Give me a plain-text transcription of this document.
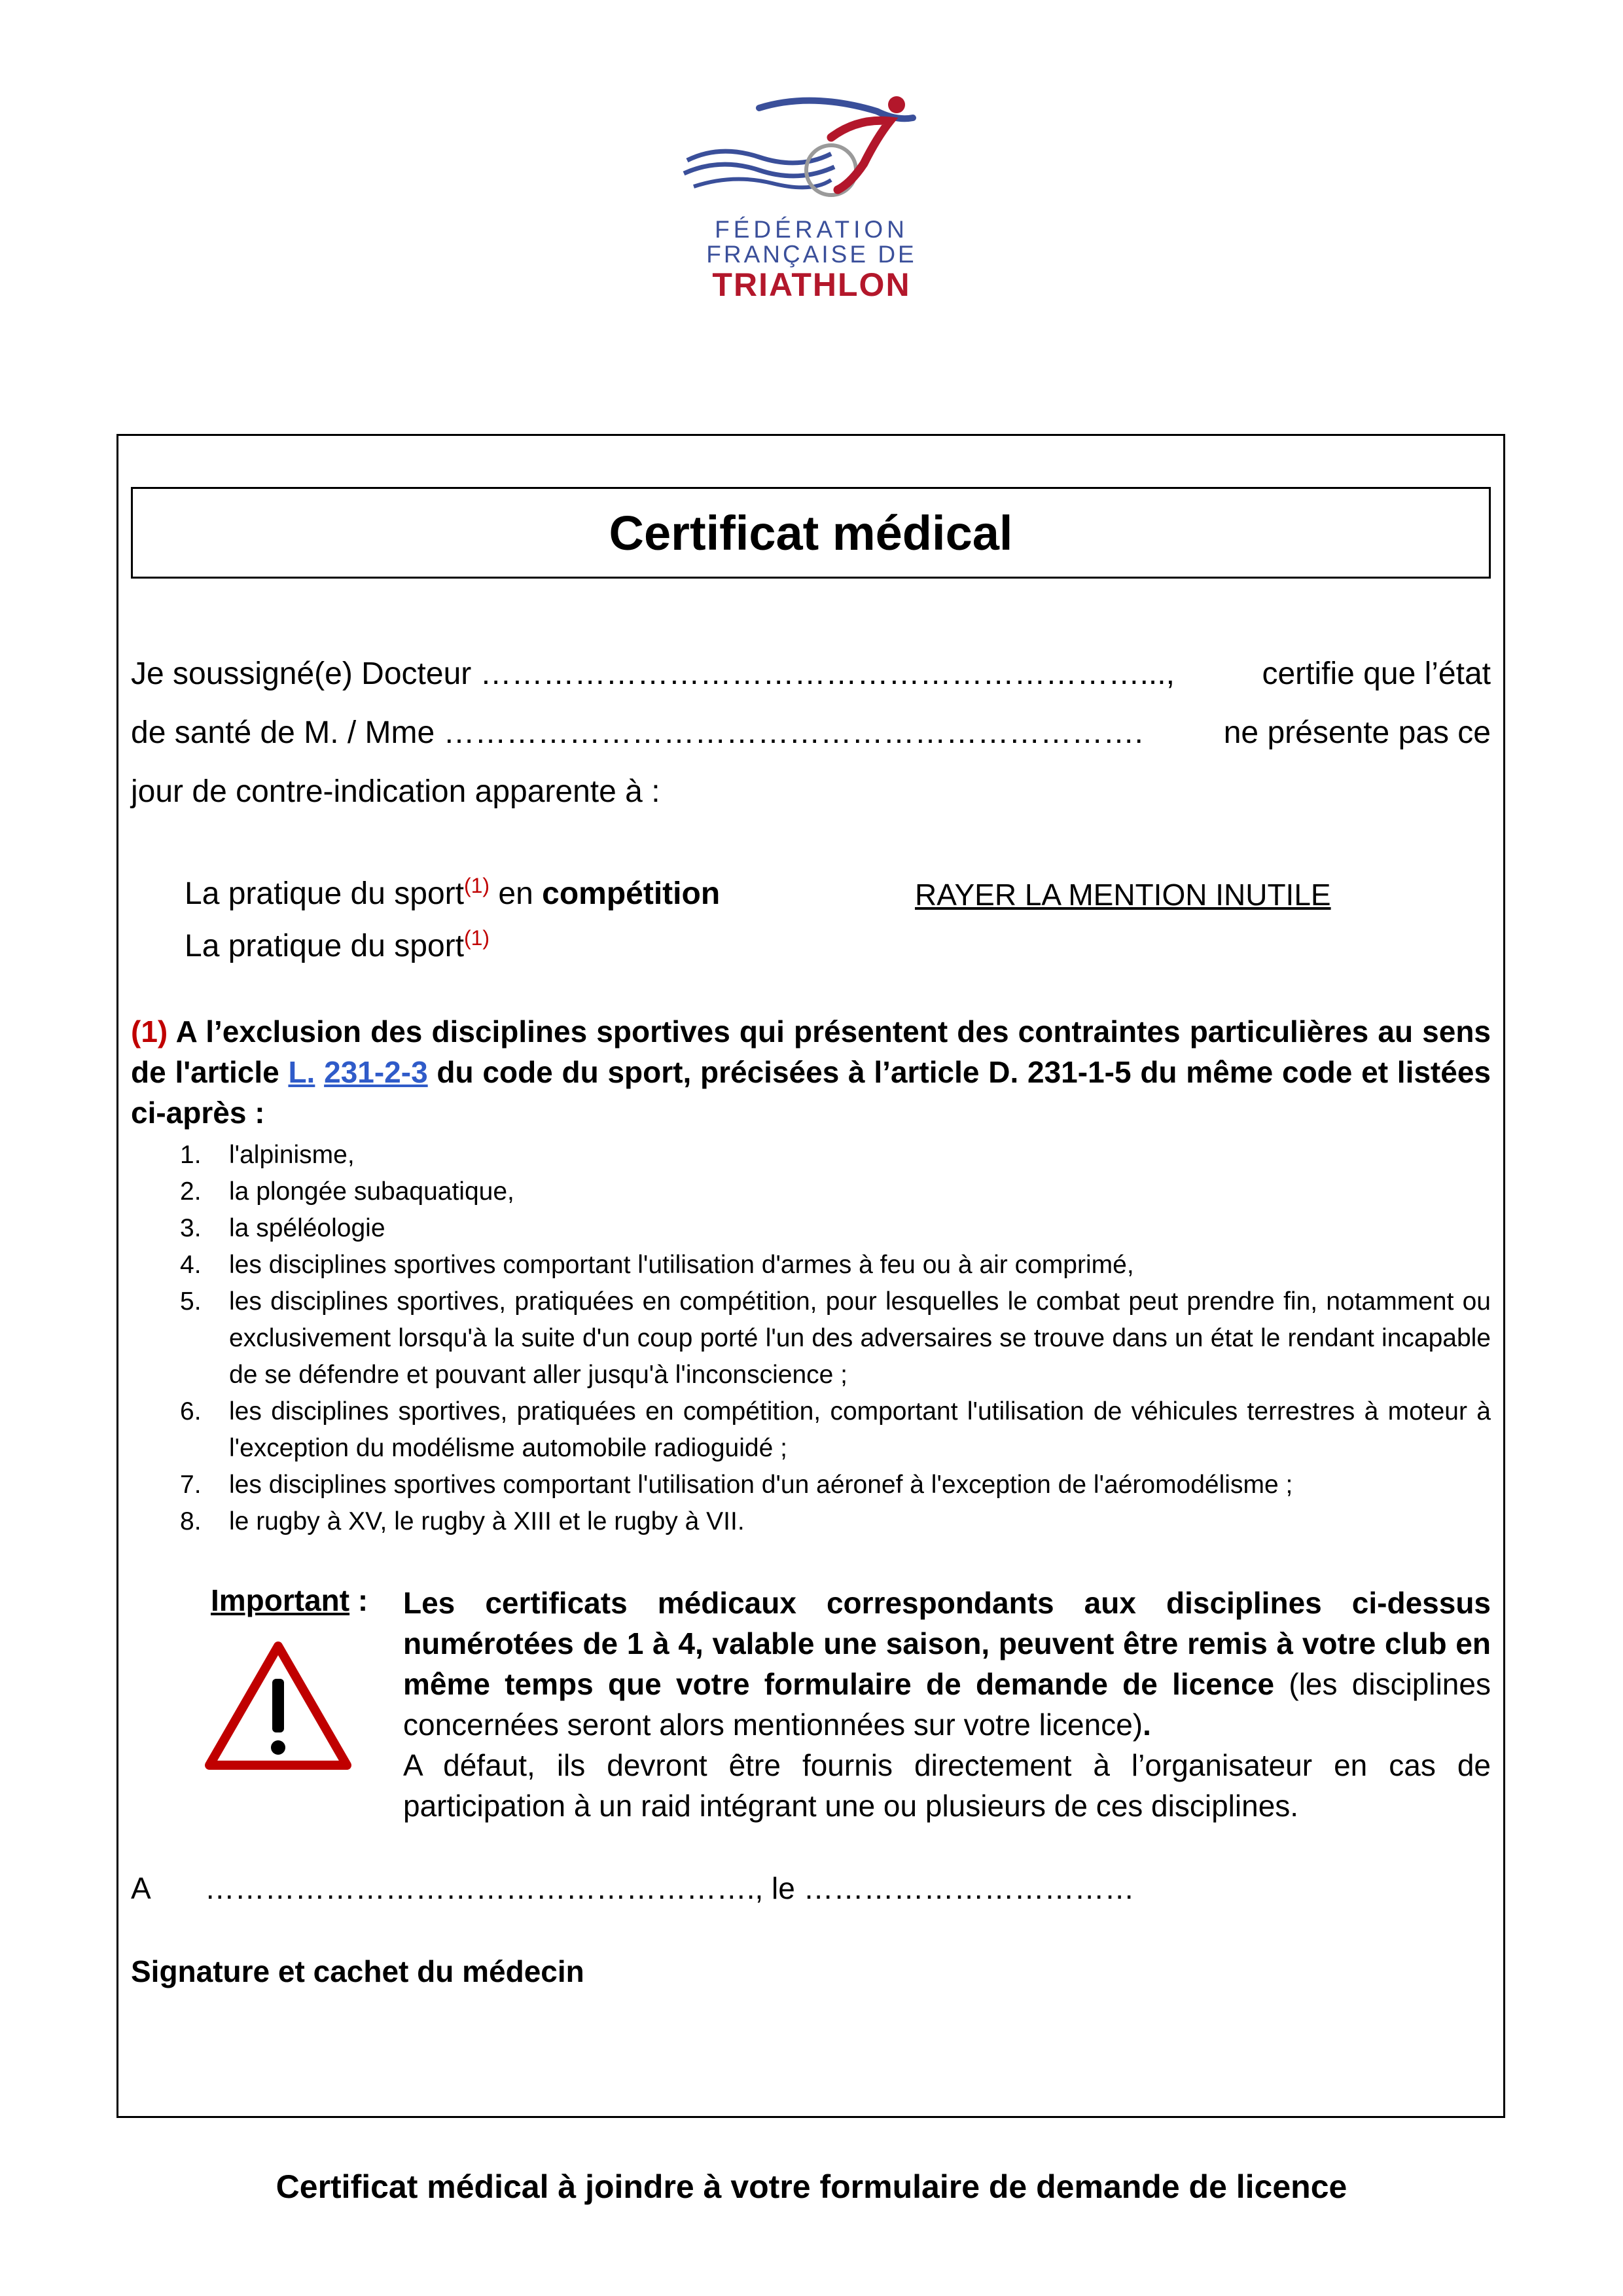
FÉDÉRATION
FRANÇAISE DE
TRIATHLON
Certificat médical
Je soussigné(e) Docteur ………………………………………………………...,	certifie que l’état
de santé de M. / Mme ………………………………………………………….	ne présente pas ce
jour de contre-indication apparente à :
La pratique du sport$^{(1)}$ en compétition
La pratique du sport$^{(1)}$
RAYER LA MENTION INUTILE
(1) A l’exclusion des disciplines sportives qui présentent des contraintes particulières au sens de l'article L. 231-2-3 du code du sport, précisées à l’article D. 231-1-5 du même code et listées ci-après :
1.	l'alpinisme,
2.	la plongée subaquatique,
3.	la spéléologie
4.	les disciplines sportives comportant l'utilisation d'armes à feu ou à air comprimé,
5.	les disciplines sportives, pratiquées en compétition, pour lesquelles le combat peut prendre fin, notamment ou exclusivement lorsqu'à la suite d'un coup porté l'un des adversaires se trouve dans un état le rendant incapable de se défendre et pouvant aller jusqu'à l'inconscience ;
6.	les disciplines sportives, pratiquées en compétition, comportant l'utilisation de véhicules terrestres à moteur à l'exception du modélisme automobile radioguidé ;
7.	les disciplines sportives comportant l'utilisation d'un aéronef à l'exception de l'aéromodélisme ;
8.	le rugby à XV, le rugby à XIII et le rugby à VII.
Important : Les certificats médicaux correspondants aux disciplines ci-dessus numérotées de 1 à 4, valable une saison, peuvent être remis à votre club en même temps que votre formulaire de demande de licence (les disciplines concernées seront alors mentionnées sur votre licence).
A défaut, ils devront être fournis directement à l’organisateur en cas de participation à un raid intégrant une ou plusieurs de ces disciplines.
A ………………………………………………., le ……………………………
Signature et cachet du médecin
Certificat médical à joindre à votre formulaire de demande de licence
